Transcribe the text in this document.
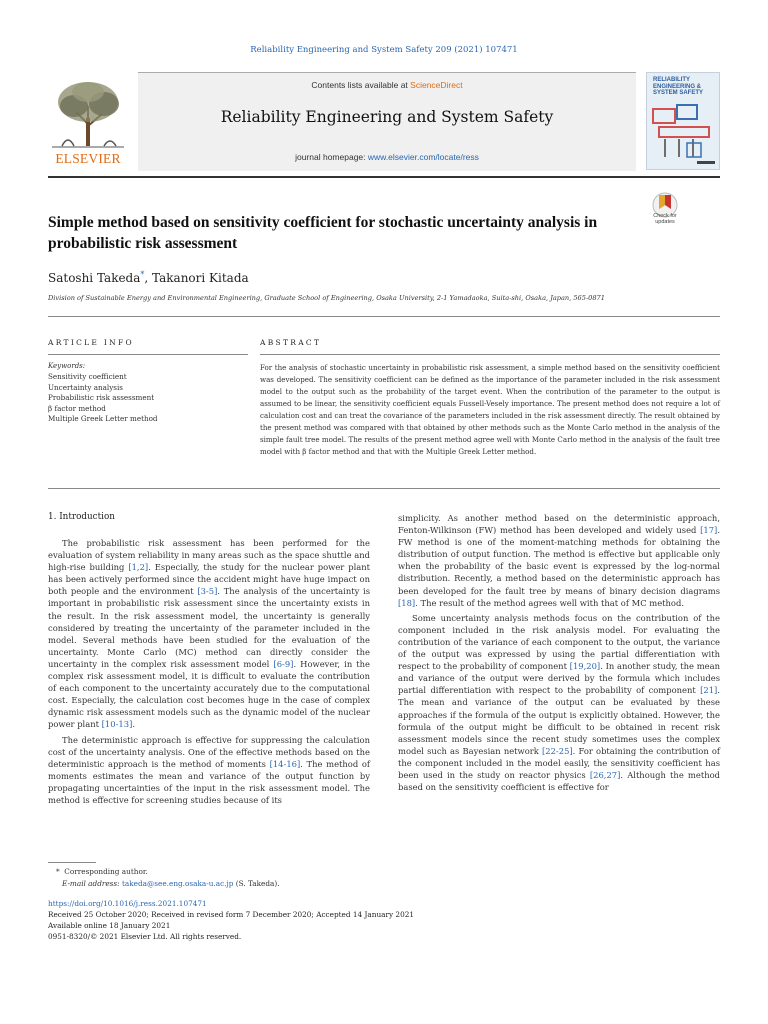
Reliability Engineering and System Safety 209 (2021) 107471
ELSEVIER
Contents lists available at ScienceDirect
Reliability Engineering and System Safety
journal homepage: www.elsevier.com/locate/ress
RELIABILITY ENGINEERING & SYSTEM SAFETY
Check for updates
Simple method based on sensitivity coefficient for stochastic uncertainty analysis in probabilistic risk assessment
Satoshi Takeda*, Takanori Kitada
Division of Sustainable Energy and Environmental Engineering, Graduate School of Engineering, Osaka University, 2-1 Yamadaoka, Suita-shi, Osaka, Japan, 565-0871
ARTICLE INFO	ABSTRACT
Keywords:
Sensitivity coefficient
Uncertainty analysis
Probabilistic risk assessment
β factor method
Multiple Greek Letter method
For the analysis of stochastic uncertainty in probabilistic risk assessment, a simple method based on the sensitivity coefficient was developed. The sensitivity coefficient can be defined as the importance of the parameter included in the risk assessment model to the output such as the probability of the target event. When the contribution of the parameter to the output is assumed to be linear, the sensitivity coefficient equals Fussell-Vesely importance. The present method does not require a lot of calculation cost and can treat the covariance of the parameters included in the risk assessment directly. The result obtained by the present method was compared with that obtained by other methods such as the Monte Carlo method in the analysis of the simple fault tree model. The results of the present method agree well with Monte Carlo method in the analysis of the fault tree model with β factor method and that with the Multiple Greek Letter method.
1. Introduction

The probabilistic risk assessment has been performed for the evaluation of system reliability in many areas such as the space shuttle and high-rise building [1,2]. Especially, the study for the nuclear power plant has been actively performed since the accident might have huge impact on both people and the environment [3-5]. The analysis of the uncertainty is important in probabilistic risk assessment since the uncertainty exists in the result. In the risk assessment model, the uncertainty is generally considered by treating the uncertainty of the parameter included in the model. Several methods have been studied for the evaluation of the uncertainty. Monte Carlo (MC) method can directly consider the uncertainty in the complex risk assessment model [6-9]. However, in the complex risk assessment model, it is difficult to evaluate the contribution of each component to the uncertainty accurately due to the computational cost. Especially, the calculation cost becomes huge in the case of complex dynamic risk assessment models such as the dynamic model of the nuclear power plant [10-13].

The deterministic approach is effective for suppressing the calculation cost of the uncertainty analysis. One of the effective methods based on the deterministic approach is the method of moments [14-16]. The method of moments estimates the mean and variance of the output function by propagating uncertainties of the input in the risk assessment model. The method is effective for screening studies because of its

simplicity. As another method based on the deterministic approach, Fenton-Wilkinson (FW) method has been developed and widely used [17]. FW method is one of the moment-matching methods for obtaining the distribution of output function. The method is effective but applicable only when the probability of the basic event is expressed by the log-normal distribution. Recently, a method based on the deterministic approach has been developed for the fault tree by means of binary decision diagrams [18]. The result of the method agrees well with that of MC method.

Some uncertainty analysis methods focus on the contribution of the component included in the risk analysis model. For evaluating the contribution of the variance of each component to the output, the variance of the output was expressed by using the partial differentiation with respect to the probability of component [19,20]. In another study, the mean and variance of the output were derived by the formula which includes partial differentiation with respect to the probability of component [21]. The mean and variance of the output can be evaluated by these approaches if the formula of the output is explicitly obtained. However, the formula of the output might be difficult to be obtained in recent risk assessment models since the recent study sometimes uses the complex model such as Bayesian network [22-25]. For obtaining the contribution of the component included in the model easily, the sensitivity coefficient has been used in the study on reactor physics [26,27]. Although the method based on the sensitivity coefficient is effective for

* Corresponding author.
E-mail address: takeda@see.eng.osaka-u.ac.jp (S. Takeda).
https://doi.org/10.1016/j.ress.2021.107471
Received 25 October 2020; Received in revised form 7 December 2020; Accepted 14 January 2021
Available online 18 January 2021
0951-8320/© 2021 Elsevier Ltd. All rights reserved.
